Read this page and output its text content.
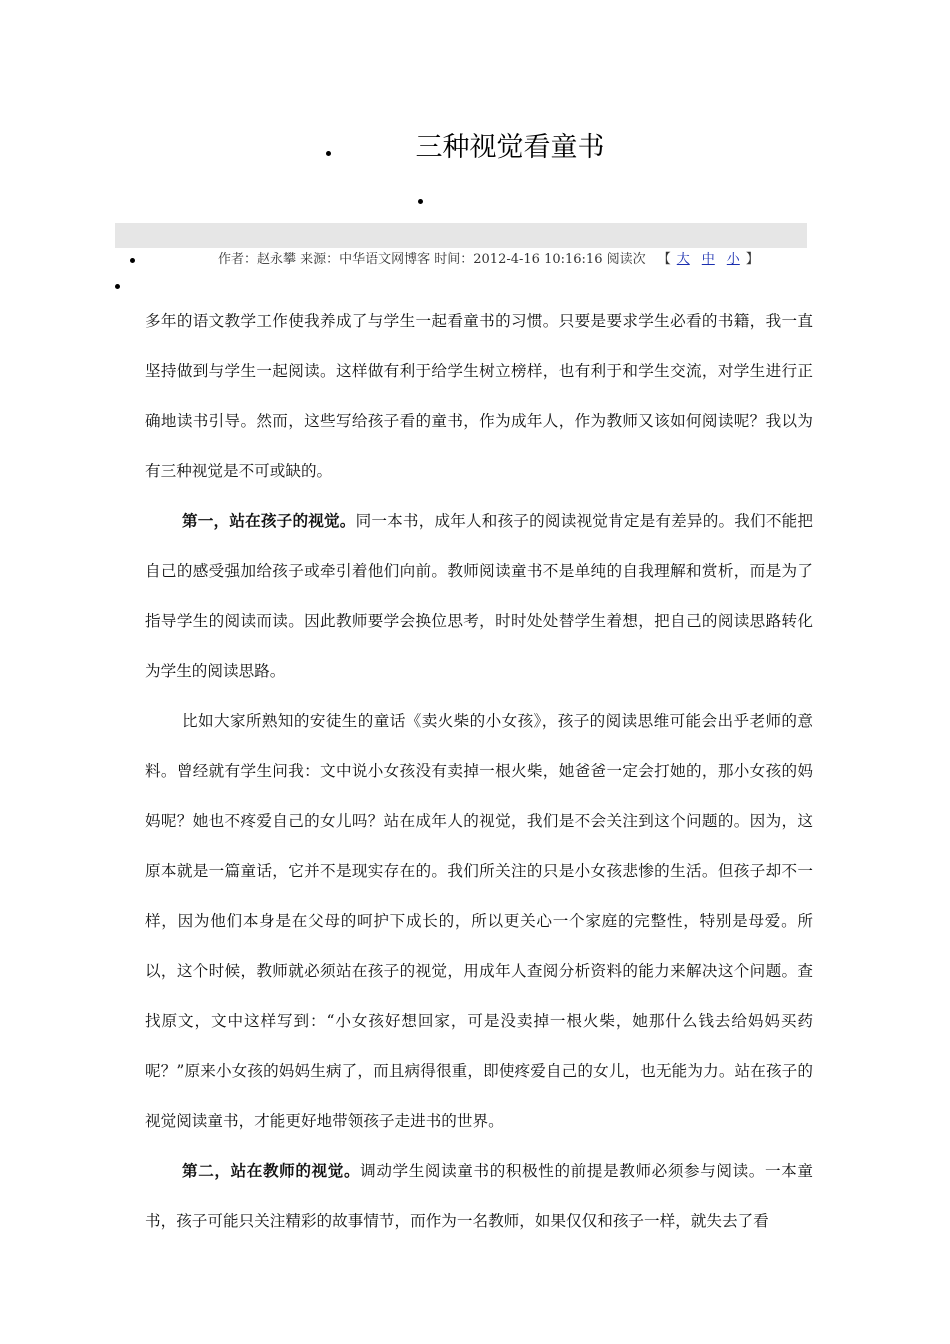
三种视觉看童书
作者：赵永攀 来源：中华语文网博客 时间：2012-4-16 10:16:16 阅读次 【 大 中 小 】

多年的语文教学工作使我养成了与学生一起看童书的习惯。只要是要求学生必看的书籍，我一直坚持做到与学生一起阅读。这样做有利于给学生树立榜样，也有利于和学生交流，对学生进行正确地读书引导。然而，这些写给孩子看的童书，作为成年人，作为教师又该如何阅读呢？我以为有三种视觉是不可或缺的。

第一，站在孩子的视觉。同一本书，成年人和孩子的阅读视觉肯定是有差异的。我们不能把自己的感受强加给孩子或牵引着他们向前。教师阅读童书不是单纯的自我理解和赏析，而是为了指导学生的阅读而读。因此教师要学会换位思考，时时处处替学生着想，把自己的阅读思路转化为学生的阅读思路。

比如大家所熟知的安徒生的童话《卖火柴的小女孩》，孩子的阅读思维可能会出乎老师的意料。曾经就有学生问我：文中说小女孩没有卖掉一根火柴，她爸爸一定会打她的，那小女孩的妈妈呢？她也不疼爱自己的女儿吗？站在成年人的视觉，我们是不会关注到这个问题的。因为，这原本就是一篇童话，它并不是现实存在的。我们所关注的只是小女孩悲惨的生活。但孩子却不一样，因为他们本身是在父母的呵护下成长的，所以更关心一个家庭的完整性，特别是母爱。所以，这个时候，教师就必须站在孩子的视觉，用成年人查阅分析资料的能力来解决这个问题。查找原文，文中这样写到：“小女孩好想回家，可是没卖掉一根火柴，她那什么钱去给妈妈买药呢？”原来小女孩的妈妈生病了，而且病得很重，即使疼爱自己的女儿，也无能为力。站在孩子的视觉阅读童书，才能更好地带领孩子走进书的世界。

第二，站在教师的视觉。调动学生阅读童书的积极性的前提是教师必须参与阅读。一本童书，孩子可能只关注精彩的故事情节，而作为一名教师，如果仅仅和孩子一样，就失去了看
